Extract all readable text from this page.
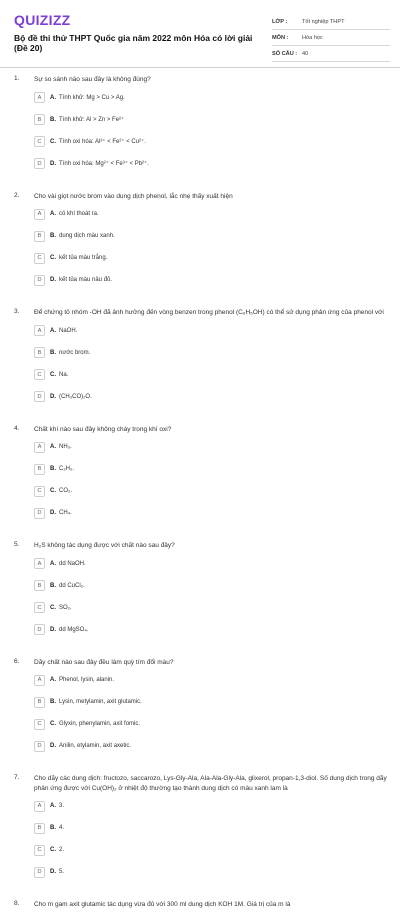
QUIZIZZ
Bộ đề thi thử THPT Quốc gia năm 2022 môn Hóa có lời giải (Đề 20)
LỚP :	Tốt nghiệp THPT
MÔN :	Hóa học
SỐ CÂU : 40
1. Sự so sánh nào sau đây là không đúng?
A	A. Tính khử: Mg > Cu > Ag.
B	B. Tính khử: Al > Zn > Fe²⁺
C	C. Tính oxi hóa: Al³⁺ < Fe²⁺ < Cu²⁺.
D	D. Tính oxi hóa: Mg²⁺ < Fe³⁺ < Pb²⁺.
2. Cho vài giọt nước brom vào dung dịch phenol, lắc nhẹ thấy xuất hiện
A	A. có khí thoát ra.
B	B. dung dịch màu xanh.
C	C. kết tủa màu trắng.
D	D. kết tủa màu nâu đỏ.
3. Để chứng tỏ nhóm -OH đã ảnh hưởng đến vòng benzen trong phenol (C₆H₅OH) có thể sử dụng phản ứng của phenol với
A	A. NaOH.
B	B. nước brom.
C	C. Na.
D	D. (CH₃CO)₂O.
4. Chất khí nào sau đây không cháy trong khí oxi?
A	A. NH₃.
B	B. C₂H₂.
C	C. CO₂.
D	D. CH₄.
5. H₂S không tác dụng được với chất nào sau đây?
A	A. dd NaOH.
B	B. dd CuCl₂.
C	C. SO₂.
D	D. dd MgSO₄.
6. Dãy chất nào sau đây đều làm quỳ tím đổi màu?
A	A. Phenol, lysin, alanin.
B	B. Lysin, metylamin, axit glutamic.
C	C. Glyxin, phenylamin, axit fomic.
D	D. Anilin, etylamin, axit axetic.
7. Cho dãy các dung dịch: fructozo, saccarozo, Lys-Gly-Ala, Ala-Ala-Gly-Ala, glixerol, propan-1,3-diol. Số dung dịch trong dãy phản ứng được với Cu(OH)₂ ở nhiệt độ thường tạo thành dung dịch có màu xanh lam là
A	A. 3.
B	B. 4.
C	C. 2.
D	D. 5.
8. Cho m gam axit glutamic tác dụng vừa đủ với 300 ml dung dịch KOH 1M. Giá trị của m là
